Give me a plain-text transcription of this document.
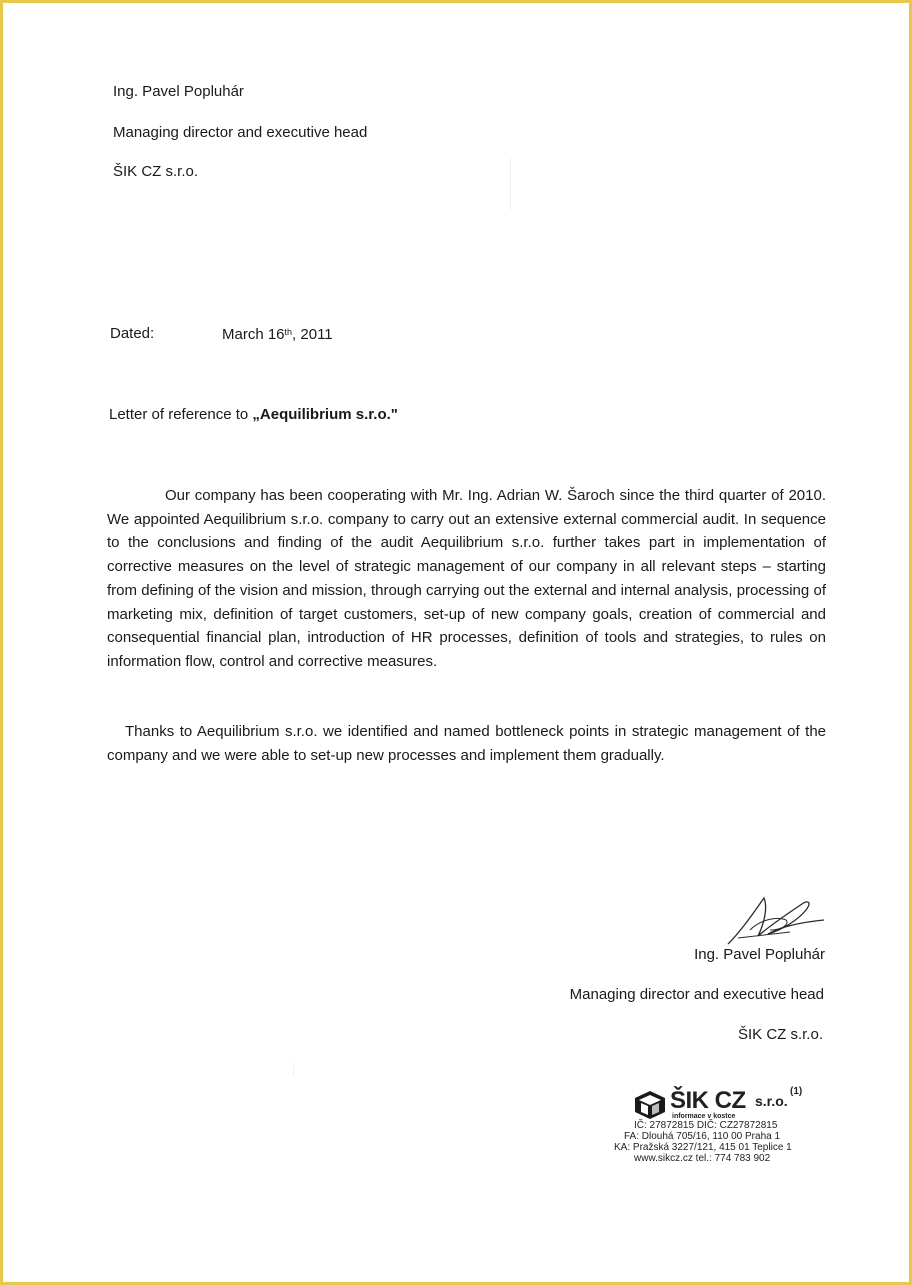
Ing. Pavel Popluhár
Managing director and executive head
ŠIK CZ s.r.o.
Dated:	March 16th, 2011
Letter of reference to „Aequilibrium s.r.o."
Our company has been cooperating with Mr. Ing. Adrian W. Šaroch since the third quarter of 2010. We appointed Aequilibrium s.r.o. company to carry out an extensive external commercial audit. In sequence to the conclusions and finding of the audit Aequilibrium s.r.o. further takes part in implementation of corrective measures on the level of strategic management of our company in all relevant steps – starting from defining of the vision and mission, through carrying out the external and internal analysis, processing of marketing mix, definition of target customers, set-up of new company goals, creation of commercial and consequential financial plan, introduction of HR processes, definition of tools and strategies, to rules on information flow, control and corrective measures.
Thanks to Aequilibrium s.r.o. we identified and named bottleneck points in strategic management of the company and we were able to set-up new processes and implement them gradually.
Ing. Pavel Popluhár
Managing director and executive head
ŠIK CZ s.r.o.
ŠIK CZ s.r.o.
(1)
informace v kostce
IČ: 27872815 DIČ: CZ27872815
FA: Dlouhá 705/16, 110 00 Praha 1
KA: Pražská 3227/121, 415 01 Teplice 1
www.sikcz.cz tel.: 774 783 902
